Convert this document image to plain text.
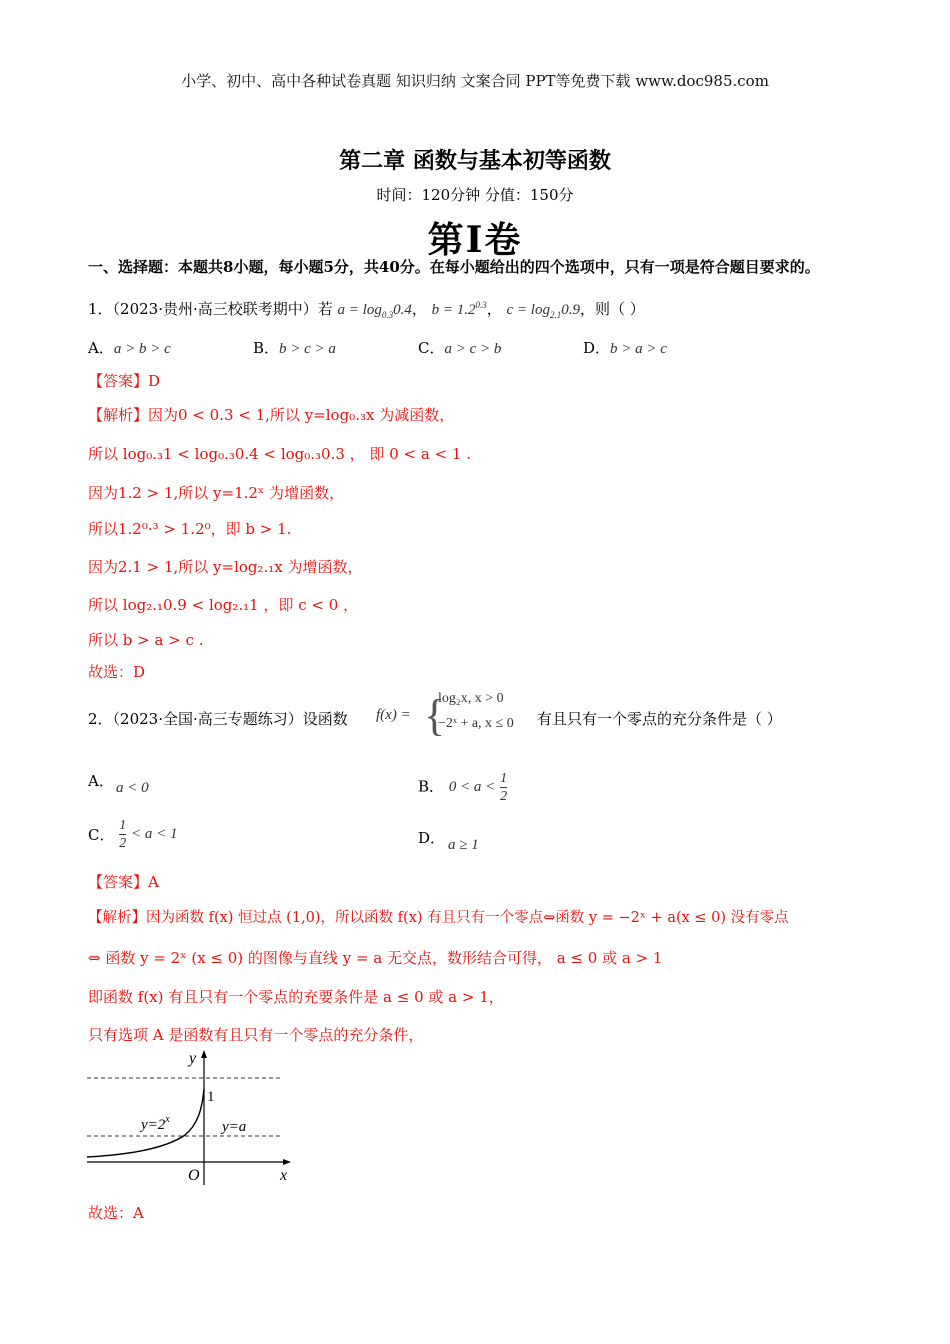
小学、初中、高中各种试卷真题 知识归纳 文案合同 PPT等免费下载 www.doc985.com
第二章 函数与基本初等函数
时间：120分钟 分值：150分
第I卷
一、选择题：本题共8小题，每小题5分，共40分。在每小题给出的四个选项中，只有一项是符合题目要求的。
1．（2023·贵州·高三校联考期中）若 $a = \log_{0.3}0.4$， $b = 1.2^{0.3}$， $c = \log_{2.1}0.9$，则（ ）
A．a > b > c	B．b > c > a	C．a > c > b	D．b > a > c
【答案】D
【解析】因为0 < 0.3 < 1,所以 y=log₀.₃x 为减函数，
所以 log₀.₃1 < log₀.₃0.4 < log₀.₃0.3 ， 即 0 < a < 1 .
因为1.2 > 1,所以 y=1.2ˣ 为增函数，
所以1.2⁰·³ > 1.2⁰，即 b > 1.
因为2.1 > 1,所以 y=log₂.₁x 为增函数，
所以 log₂.₁0.9 < log₂.₁1 ，即 c < 0 ，
所以 b > a > c .
故选：D
2．（2023·全国·高三专题练习）设函数 f(x) = {
log₂x, x > 0
−2ˣ + a, x ≤ 0 有且只有一个零点的充分条件是（ ）
A． a < 0	B． $0 < a < \frac{1}{2}$
C． $\frac{1}{2} < a < 1$	D． a ≥ 1
【答案】A
【解析】因为函数 f(x) 恒过点 (1,0)，所以函数 f(x) 有且只有一个零点⇔函数 y = −2ˣ + a(x ≤ 0) 没有零点
⇔ 函数 y = 2ˣ (x ≤ 0) 的图像与直线 y = a 无交点，数形结合可得， a ≤ 0 或 a > 1
即函数 f(x) 有且只有一个零点的充要条件是 a ≤ 0 或 a > 1，
只有选项 A 是函数有且只有一个零点的充分条件，
y
x
O
1
$y=2^x$	y=a
故选：A
